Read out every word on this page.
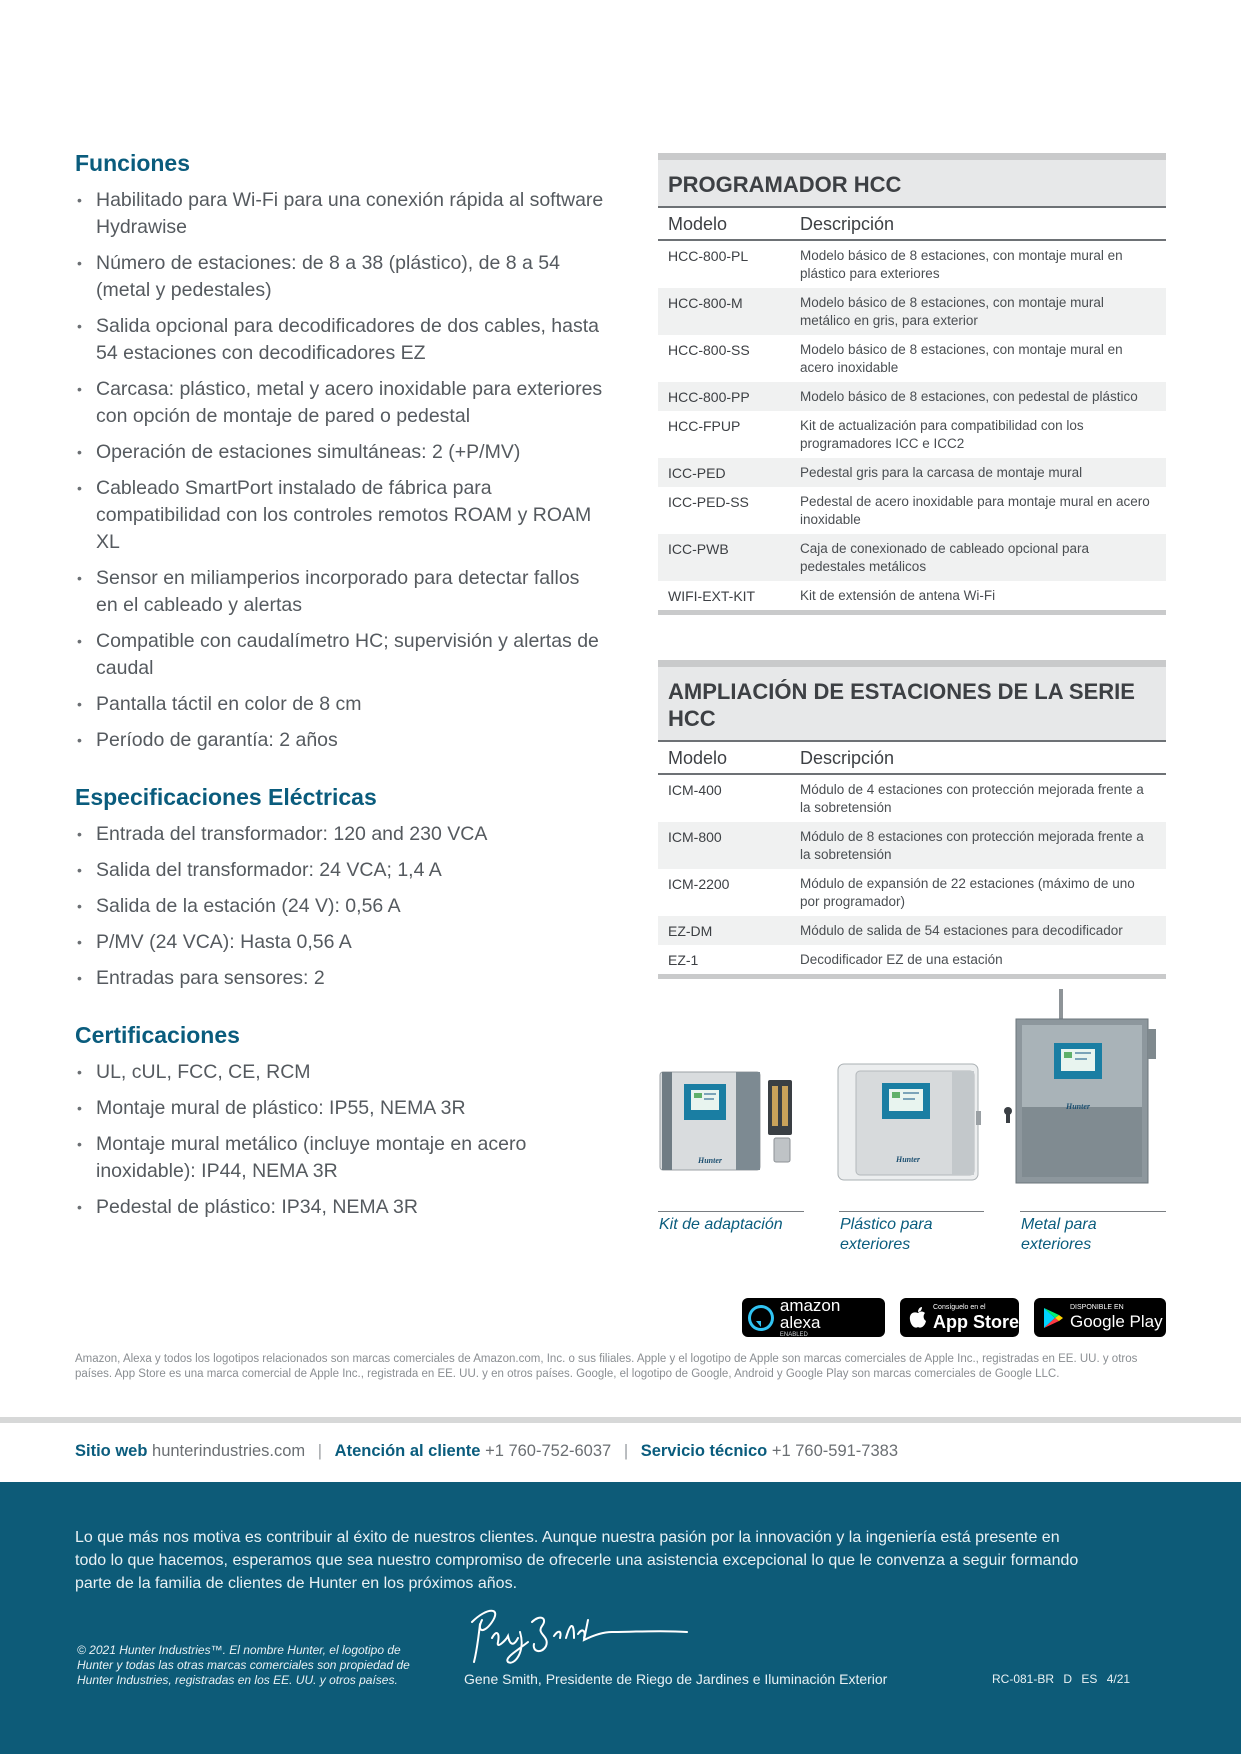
Funciones
• Habilitado para Wi-Fi para una conexión rápida al software Hydrawise
• Número de estaciones: de 8 a 38 (plástico), de 8 a 54 (metal y pedestales)
• Salida opcional para decodificadores de dos cables, hasta 54 estaciones con decodificadores EZ
• Carcasa: plástico, metal y acero inoxidable para exteriores con opción de montaje de pared o pedestal
• Operación de estaciones simultáneas: 2 (+P/MV)
• Cableado SmartPort instalado de fábrica para compatibilidad con los controles remotos ROAM y ROAM XL
• Sensor en miliamperios incorporado para detectar fallos en el cableado y alertas
• Compatible con caudalímetro HC; supervisión y alertas de caudal
• Pantalla táctil en color de 8 cm
• Período de garantía: 2 años
Especificaciones Eléctricas
• Entrada del transformador: 120 and 230 VCA
• Salida del transformador: 24 VCA; 1,4 A
• Salida de la estación (24 V): 0,56 A
• P/MV (24 VCA): Hasta 0,56 A
• Entradas para sensores: 2
Certificaciones
• UL, cUL, FCC, CE, RCM
• Montaje mural de plástico: IP55, NEMA 3R
• Montaje mural metálico (incluye montaje en acero inoxidable): IP44, NEMA 3R
• Pedestal de plástico: IP34, NEMA 3R
PROGRAMADOR HCC
Modelo	Descripción
HCC-800-PL	Modelo básico de 8 estaciones, con montaje mural en plástico para exteriores
HCC-800-M	Modelo básico de 8 estaciones, con montaje mural metálico en gris, para exterior
HCC-800-SS	Modelo básico de 8 estaciones, con montaje mural en acero inoxidable
HCC-800-PP	Modelo básico de 8 estaciones, con pedestal de plástico
HCC-FPUP	Kit de actualización para compatibilidad con los programadores ICC e ICC2
ICC-PED	Pedestal gris para la carcasa de montaje mural
ICC-PED-SS	Pedestal de acero inoxidable para montaje mural en acero inoxidable
ICC-PWB	Caja de conexionado de cableado opcional para pedestales metálicos
WIFI-EXT-KIT	Kit de extensión de antena Wi-Fi
AMPLIACIÓN DE ESTACIONES DE LA SERIE HCC
Modelo	Descripción
ICM-400	Módulo de 4 estaciones con protección mejorada frente a la sobretensión
ICM-800	Módulo de 8 estaciones con protección mejorada frente a la sobretensión
ICM-2200	Módulo de expansión de 22 estaciones (máximo de uno por programador)
EZ-DM	Módulo de salida de 54 estaciones para decodificador
EZ-1	Decodificador EZ de una estación
Hunter
Kit de adaptación
Hunter
Plástico para exteriores
Hunter
Metal para exteriores
amazon alexa
ENABLED
Consíguelo en el
App Store
DISPONIBLE EN
Google Play
Amazon, Alexa y todos los logotipos relacionados son marcas comerciales de Amazon.com, Inc. o sus filiales. Apple y el logotipo de Apple son marcas comerciales de Apple Inc., registradas en EE. UU. y otros países. App Store es una marca comercial de Apple Inc., registrada en EE. UU. y en otros países. Google, el logotipo de Google, Android y Google Play son marcas comerciales de Google LLC.
Sitio web hunterindustries.com | Atención al cliente +1 760-752-6037 | Servicio técnico +1 760-591-7383

Lo que más nos motiva es contribuir al éxito de nuestros clientes. Aunque nuestra pasión por la innovación y la ingeniería está presente en todo lo que hacemos, esperamos que sea nuestro compromiso de ofrecerle una asistencia excepcional lo que le convenza a seguir formando parte de la familia de clientes de Hunter en los próximos años.

© 2021 Hunter Industries™. El nombre Hunter, el logotipo de Hunter y todas las otras marcas comerciales son propiedad de Hunter Industries, registradas en los EE. UU. y otros países.	Gene Smith, Presidente de Riego de Jardines e Iluminación Exterior	RC-081-BR D ES 4/21
